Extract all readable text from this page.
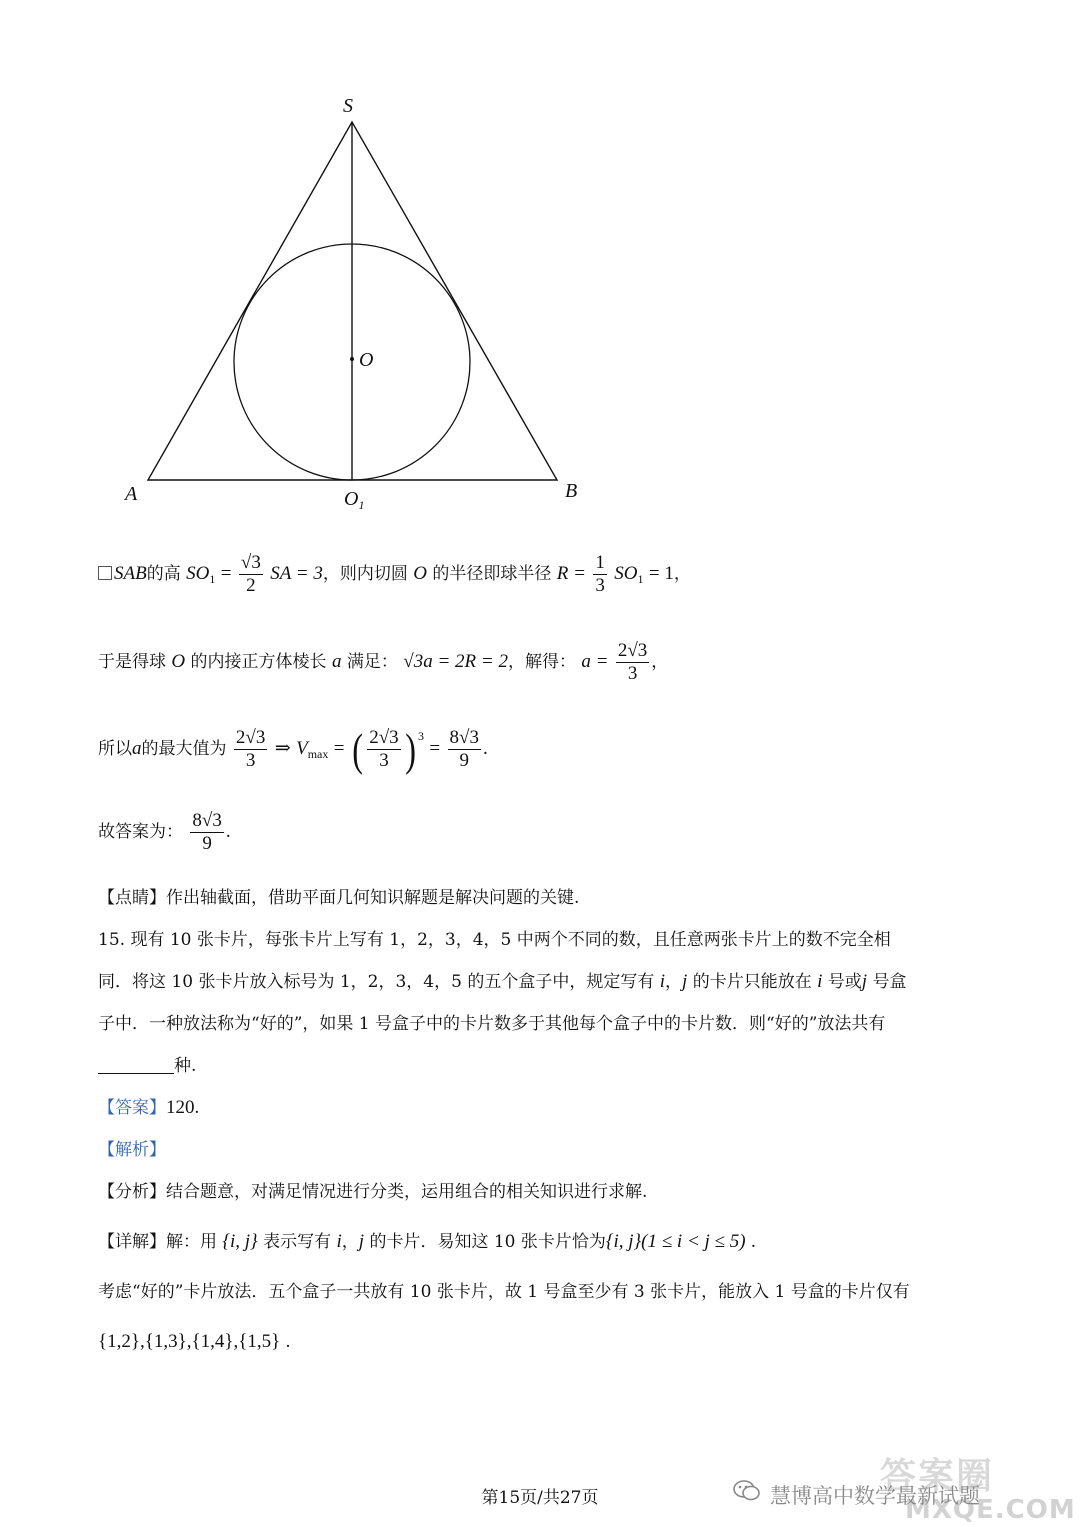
S
O
A	B
$O_1$
SAB的高 $SO_1 = \frac{√3}{2}$ SA = 3，则内切圆 O 的半径即球半径 $R = \frac{1}{3} SO_1 = 1$，
于是得球 O 的内接正方体棱长 a 满足： √3a = 2R = 2，解得： $a = \frac{2√3}{3}$ ，
所以a的最大值为 $\frac{2√3}{3}$ ⇒ $V_{max}$ = ( $\frac{2√3}{3}$ ) $^3 = \frac{8√3}{9}$ .
故答案为： $\frac{8√3}{9}$ .
【点睛】作出轴截面，借助平面几何知识解题是解决问题的关键.
15. 现有 10 张卡片，每张卡片上写有 1，2，3，4，5 中两个不同的数，且任意两张卡片上的数不完全相
同．将这 10 张卡片放入标号为 1，2，3，4，5 的五个盒子中，规定写有 i，j 的卡片只能放在 i 号或j 号盒
子中．一种放法称为“好的”，如果 1 号盒子中的卡片数多于其他每个盒子中的卡片数．则“好的”放法共有
种.
【答案】120.
【解析】
【分析】结合题意，对满足情况进行分类，运用组合的相关知识进行求解.
【详解】解：用 {i, j} 表示写有 i，j 的卡片．易知这 10 张卡片恰为{i, j}(1 ≤ i < j ≤ 5) .
考虑“好的”卡片放法．五个盒子一共放有 10 张卡片，故 1 号盒至少有 3 张卡片，能放入 1 号盒的卡片仅有
{1,2},{1,3},{1,4},{1,5} .
答案圈
MXQE.COM
慧博高中数学最新试题
第15页/共27页
